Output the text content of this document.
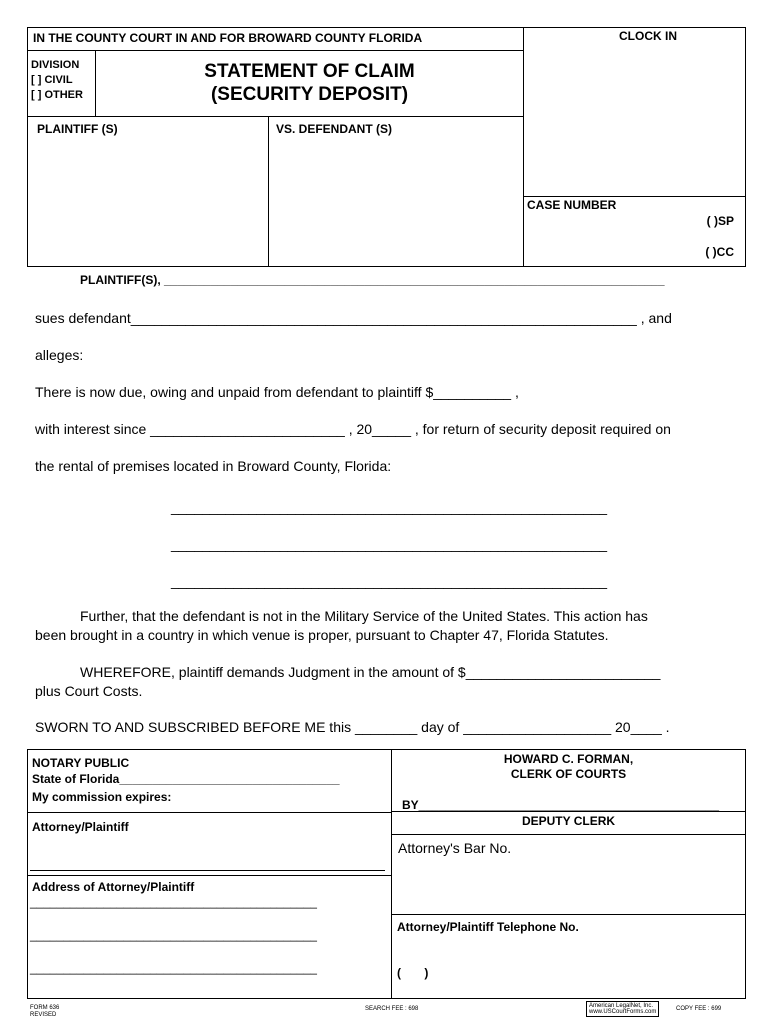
IN THE COUNTY COURT IN AND FOR BROWARD COUNTY FLORIDA	CLOCK IN
DIVISION
[ ] CIVIL
[ ] OTHER
STATEMENT OF CLAIM
(SECURITY DEPOSIT)
PLAINTIFF (S)	VS. DEFENDANT (S)
CASE NUMBER
( )SP
( )CC
PLAINTIFF(S), ___________________________________________________________________________
sues defendant_________________________________________________________________ , and
alleges:
There is now due, owing and unpaid from defendant to plaintiff $__________ ,
with interest since _________________________ , 20_____ , for return of security deposit required on
the rental of premises located in Broward County, Florida:
________________________________________________________
________________________________________________________
________________________________________________________
Further, that the defendant is not in the Military Service of the United States. This action has
been brought in a country in which venue is proper, pursuant to Chapter 47, Florida Statutes.
WHEREFORE, plaintiff demands Judgment in the amount of $_________________________
plus Court Costs.
SWORN TO AND SUBSCRIBED BEFORE ME this ________ day of ___________________ 20____ .
NOTARY PUBLIC
State of Florida_________________________________
My commission expires:
Attorney/Plaintiff
Address of Attorney/Plaintiff
___________________________________________
___________________________________________
___________________________________________
HOWARD C. FORMAN,
CLERK OF COURTS
BY_____________________________________________
DEPUTY CLERK
Attorney's Bar No.
Attorney/Plaintiff Telephone No.
(       )
FORM 636
REVISED
SEARCH FEE : 698	American LegalNet, Inc.
www.USCourtForms.com	COPY FEE : 699
